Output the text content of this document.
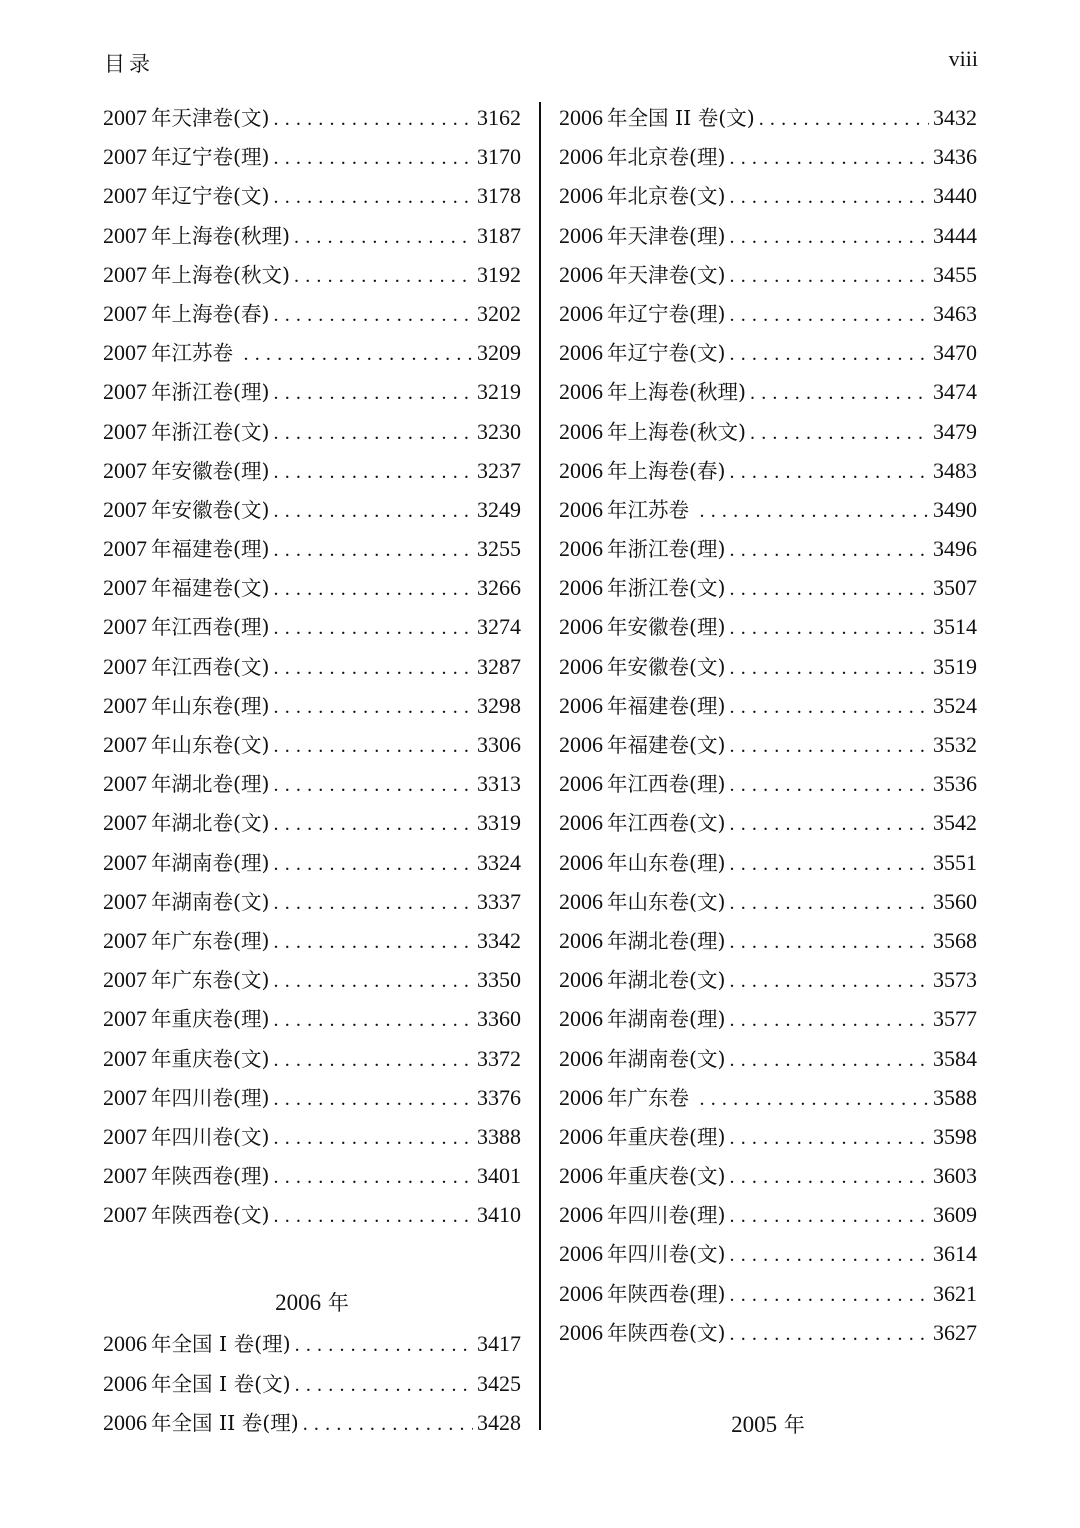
目录	viii
2007 年天津卷(文) . . .	3162
2007 年辽宁卷(理) . . .	3170
2007 年辽宁卷(文) . . .	3178
2007 年上海卷(秋理) . . .	3187
2007 年上海卷(秋文) . . .	3192
2007 年上海卷(春) . . .	3202
2007 年江苏卷 . . .	3209
2007 年浙江卷(理) . . .	3219
2007 年浙江卷(文) . . .	3230
2007 年安徽卷(理) . . .	3237
2007 年安徽卷(文) . . .	3249
2007 年福建卷(理) . . .	3255
2007 年福建卷(文) . . .	3266
2007 年江西卷(理) . . .	3274
2007 年江西卷(文) . . .	3287
2007 年山东卷(理) . . .	3298
2007 年山东卷(文) . . .	3306
2007 年湖北卷(理) . . .	3313
2007 年湖北卷(文) . . .	3319
2007 年湖南卷(理) . . .	3324
2007 年湖南卷(文) . . .	3337
2007 年广东卷(理) . . .	3342
2007 年广东卷(文) . . .	3350
2007 年重庆卷(理) . . .	3360
2007 年重庆卷(文) . . .	3372
2007 年四川卷(理) . . .	3376
2007 年四川卷(文) . . .	3388
2007 年陕西卷(理) . . .	3401
2007 年陕西卷(文) . . .	3410
2006 年
2006 年全国 I 卷(理) . . .	3417
2006 年全国 I 卷(文) . . .	3425
2006 年全国 II 卷(理) . . .	3428
2006 年全国 II 卷(文) . . .	3432
2006 年北京卷(理) . . .	3436
2006 年北京卷(文) . . .	3440
2006 年天津卷(理) . . .	3444
2006 年天津卷(文) . . .	3455
2006 年辽宁卷(理) . . .	3463
2006 年辽宁卷(文) . . .	3470
2006 年上海卷(秋理) . . .	3474
2006 年上海卷(秋文) . . .	3479
2006 年上海卷(春) . . .	3483
2006 年江苏卷 . . .	3490
2006 年浙江卷(理) . . .	3496
2006 年浙江卷(文) . . .	3507
2006 年安徽卷(理) . . .	3514
2006 年安徽卷(文) . . .	3519
2006 年福建卷(理) . . .	3524
2006 年福建卷(文) . . .	3532
2006 年江西卷(理) . . .	3536
2006 年江西卷(文) . . .	3542
2006 年山东卷(理) . . .	3551
2006 年山东卷(文) . . .	3560
2006 年湖北卷(理) . . .	3568
2006 年湖北卷(文) . . .	3573
2006 年湖南卷(理) . . .	3577
2006 年湖南卷(文) . . .	3584
2006 年广东卷 . . .	3588
2006 年重庆卷(理) . . .	3598
2006 年重庆卷(文) . . .	3603
2006 年四川卷(理) . . .	3609
2006 年四川卷(文) . . .	3614
2006 年陕西卷(理) . . .	3621
2006 年陕西卷(文) . . .	3627
2005 年
